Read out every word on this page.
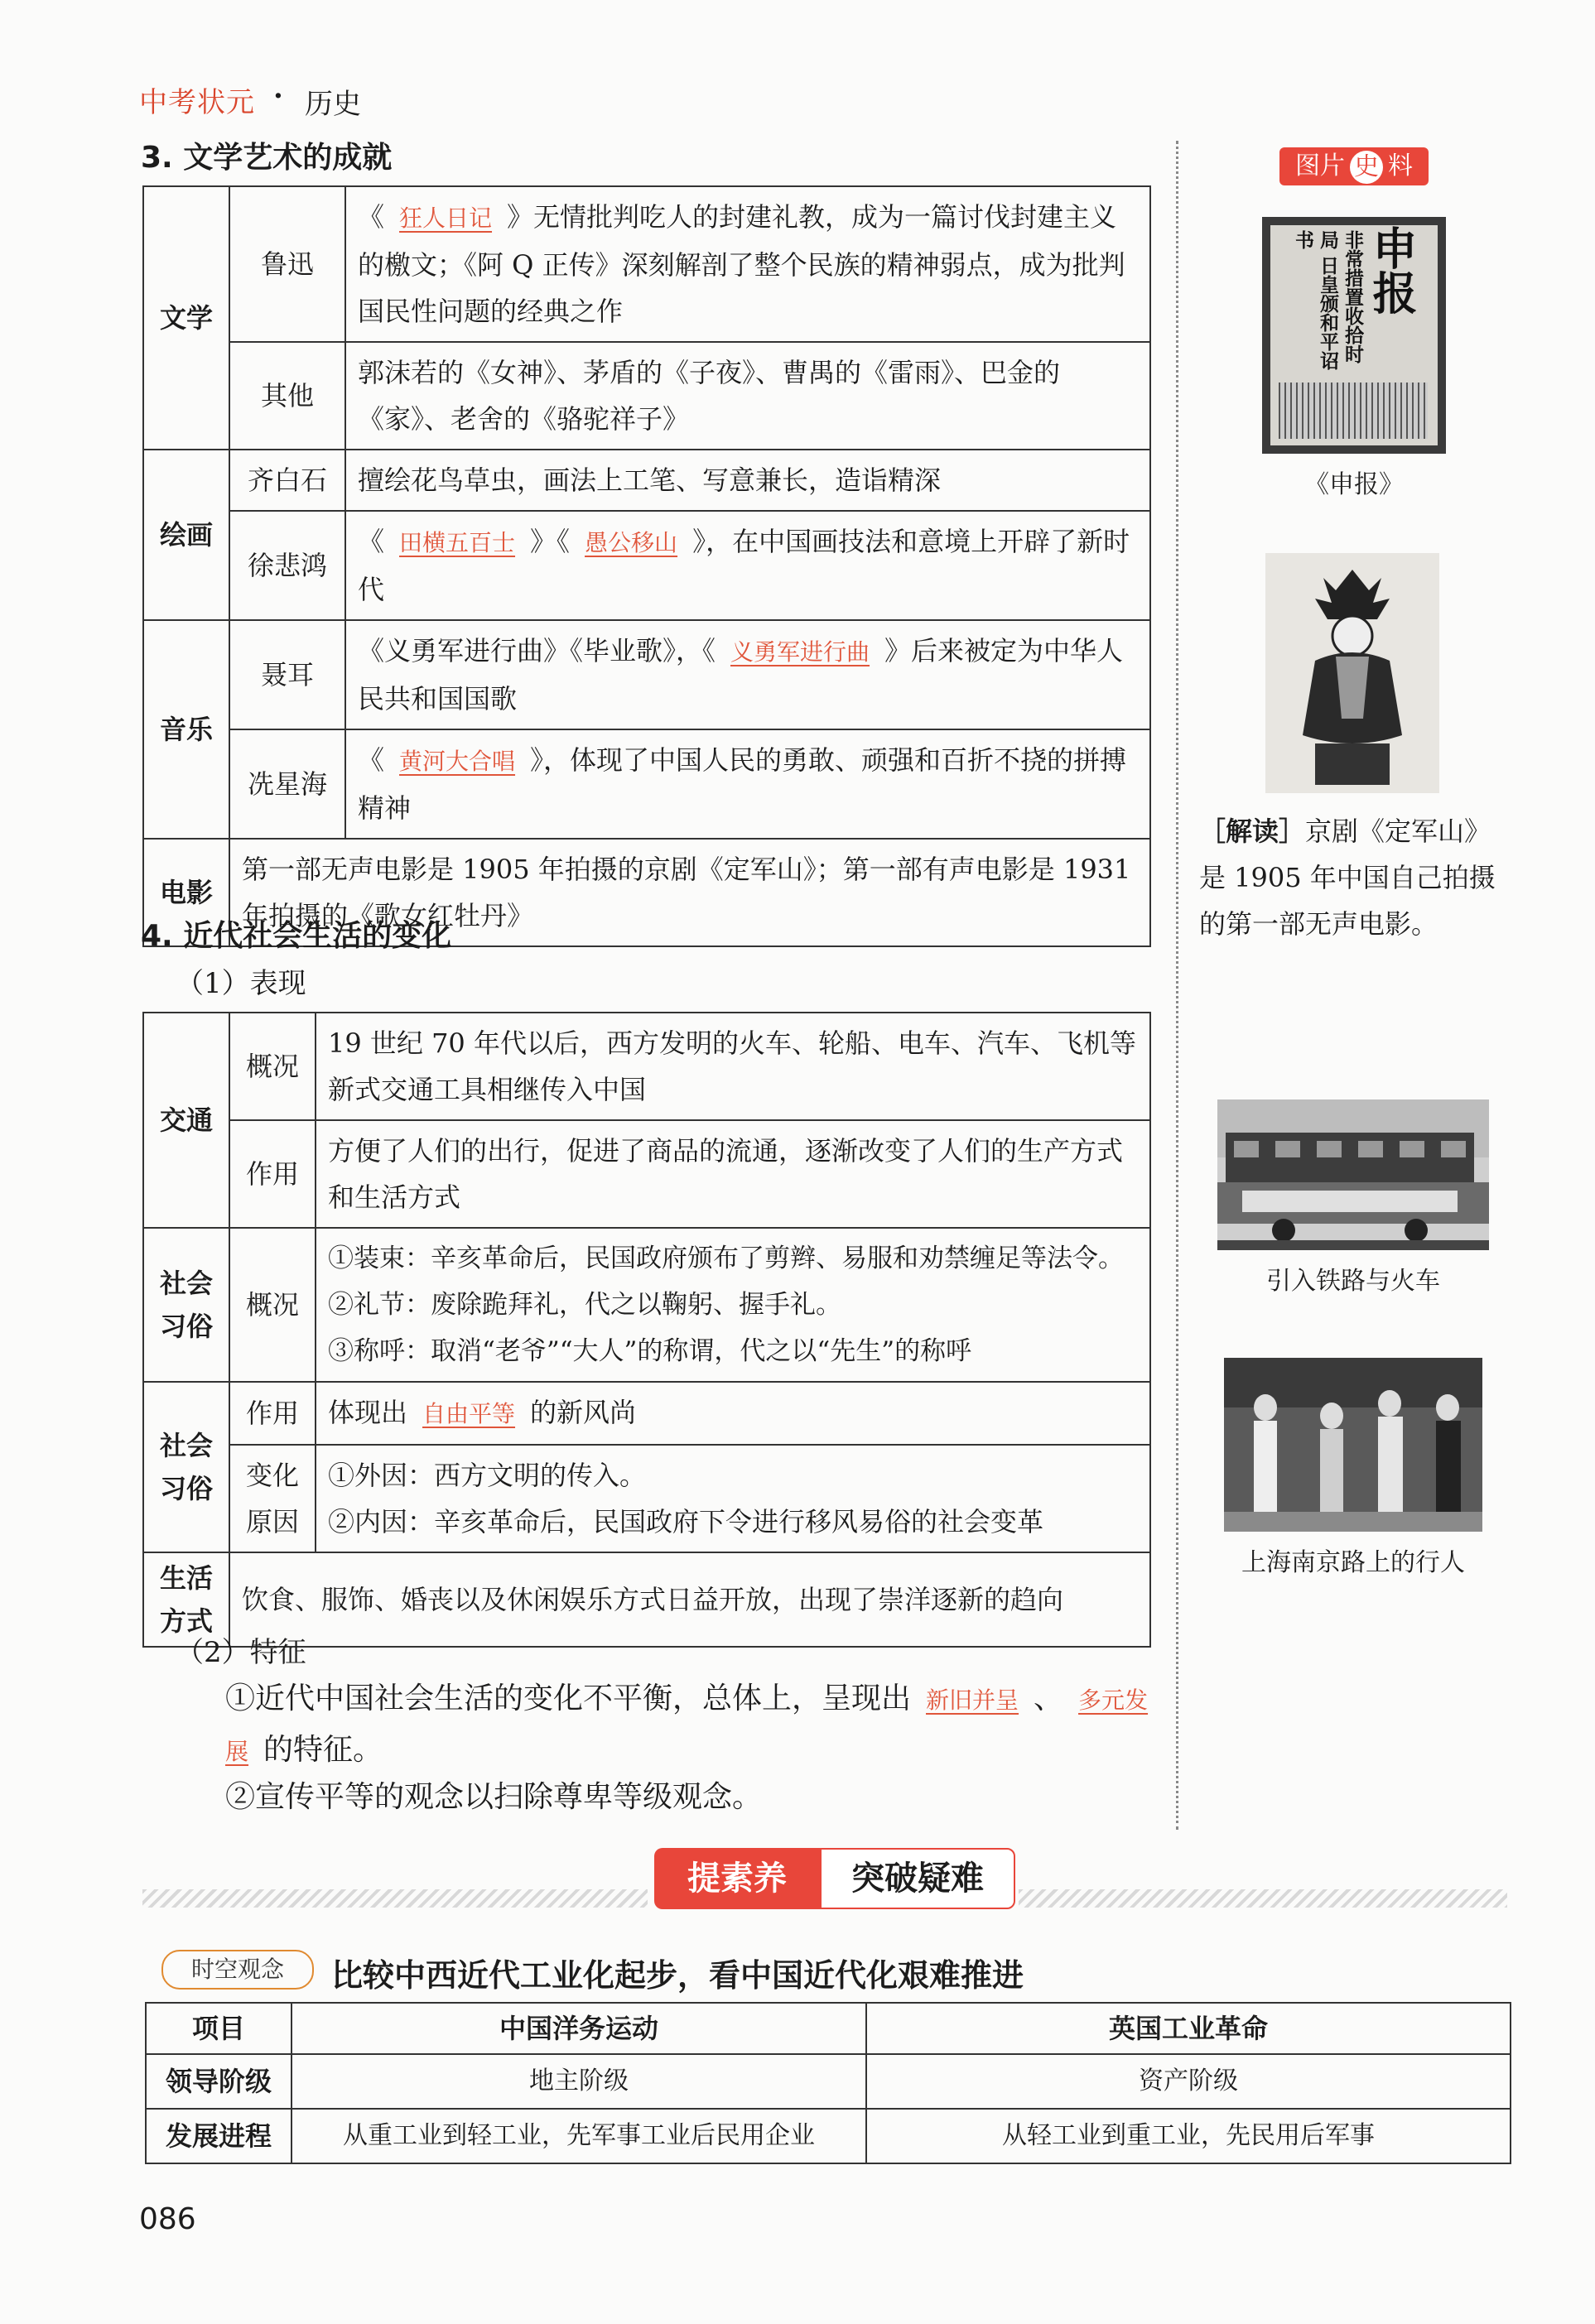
中考状元 · 历史
3. 文学艺术的成就
文学	鲁迅	《 狂人日记 》无情批判吃人的封建礼教，成为一篇讨伐封建主义的檄文；《阿 Q 正传》深刻解剖了整个民族的精神弱点，成为批判国民性问题的经典之作
	其他	郭沫若的《女神》、茅盾的《子夜》、曹禺的《雷雨》、巴金的《家》、老舍的《骆驼祥子》
绘画	齐白石	擅绘花鸟草虫，画法上工笔、写意兼长，造诣精深
	徐悲鸿	《 田横五百士 》《 愚公移山 》，在中国画技法和意境上开辟了新时代
音乐	聂耳	《义勇军进行曲》《毕业歌》，《 义勇军进行曲 》后来被定为中华人民共和国国歌
	冼星海	《 黄河大合唱 》，体现了中国人民的勇敢、顽强和百折不挠的拼搏精神
电影	第一部无声电影是 1905 年拍摄的京剧《定军山》；第一部有声电影是 1931 年拍摄的《歌女红牡丹》	
4. 近代社会生活的变化
（1）表现
交通	概况	19 世纪 70 年代以后，西方发明的火车、轮船、电车、汽车、飞机等新式交通工具相继传入中国
	作用	方便了人们的出行，促进了商品的流通，逐渐改变了人们的生产方式和生活方式
社会习俗	概况	①装束：辛亥革命后，民国政府颁布了剪辫、易服和劝禁缠足等法令。
②礼节：废除跪拜礼，代之以鞠躬、握手礼。
③称呼：取消“老爷”“大人”的称谓，代之以“先生”的称呼

社会习俗	作用	体现出 自由平等 的新风尚
	变化原因	①外因：西方文明的传入。
②内因：辛亥革命后，民国政府下令进行移风易俗的社会变革

生活方式	饮食、服饰、婚丧以及休闲娱乐方式日益开放，出现了崇洋逐新的趋向	
（2）特征
①近代中国社会生活的变化不平衡，总体上，呈现出 新旧并呈 、 多元发展 的特征。
②宣传平等的观念以扫除尊卑等级观念。
图片 史 料
申报
非常措置收拾时局 日皇颁和平诏书
《申报》
［解读］京剧《定军山》是 1905 年中国自己拍摄的第一部无声电影。
引入铁路与火车
上海南京路上的行人
提素养	突破疑难
时空观念	比较中西近代工业化起步，看中国近代化艰难推进
项目	中国洋务运动	英国工业革命
领导阶级	地主阶级	资产阶级
发展进程	从重工业到轻工业，先军事工业后民用企业	从轻工业到重工业，先民用后军事
086
